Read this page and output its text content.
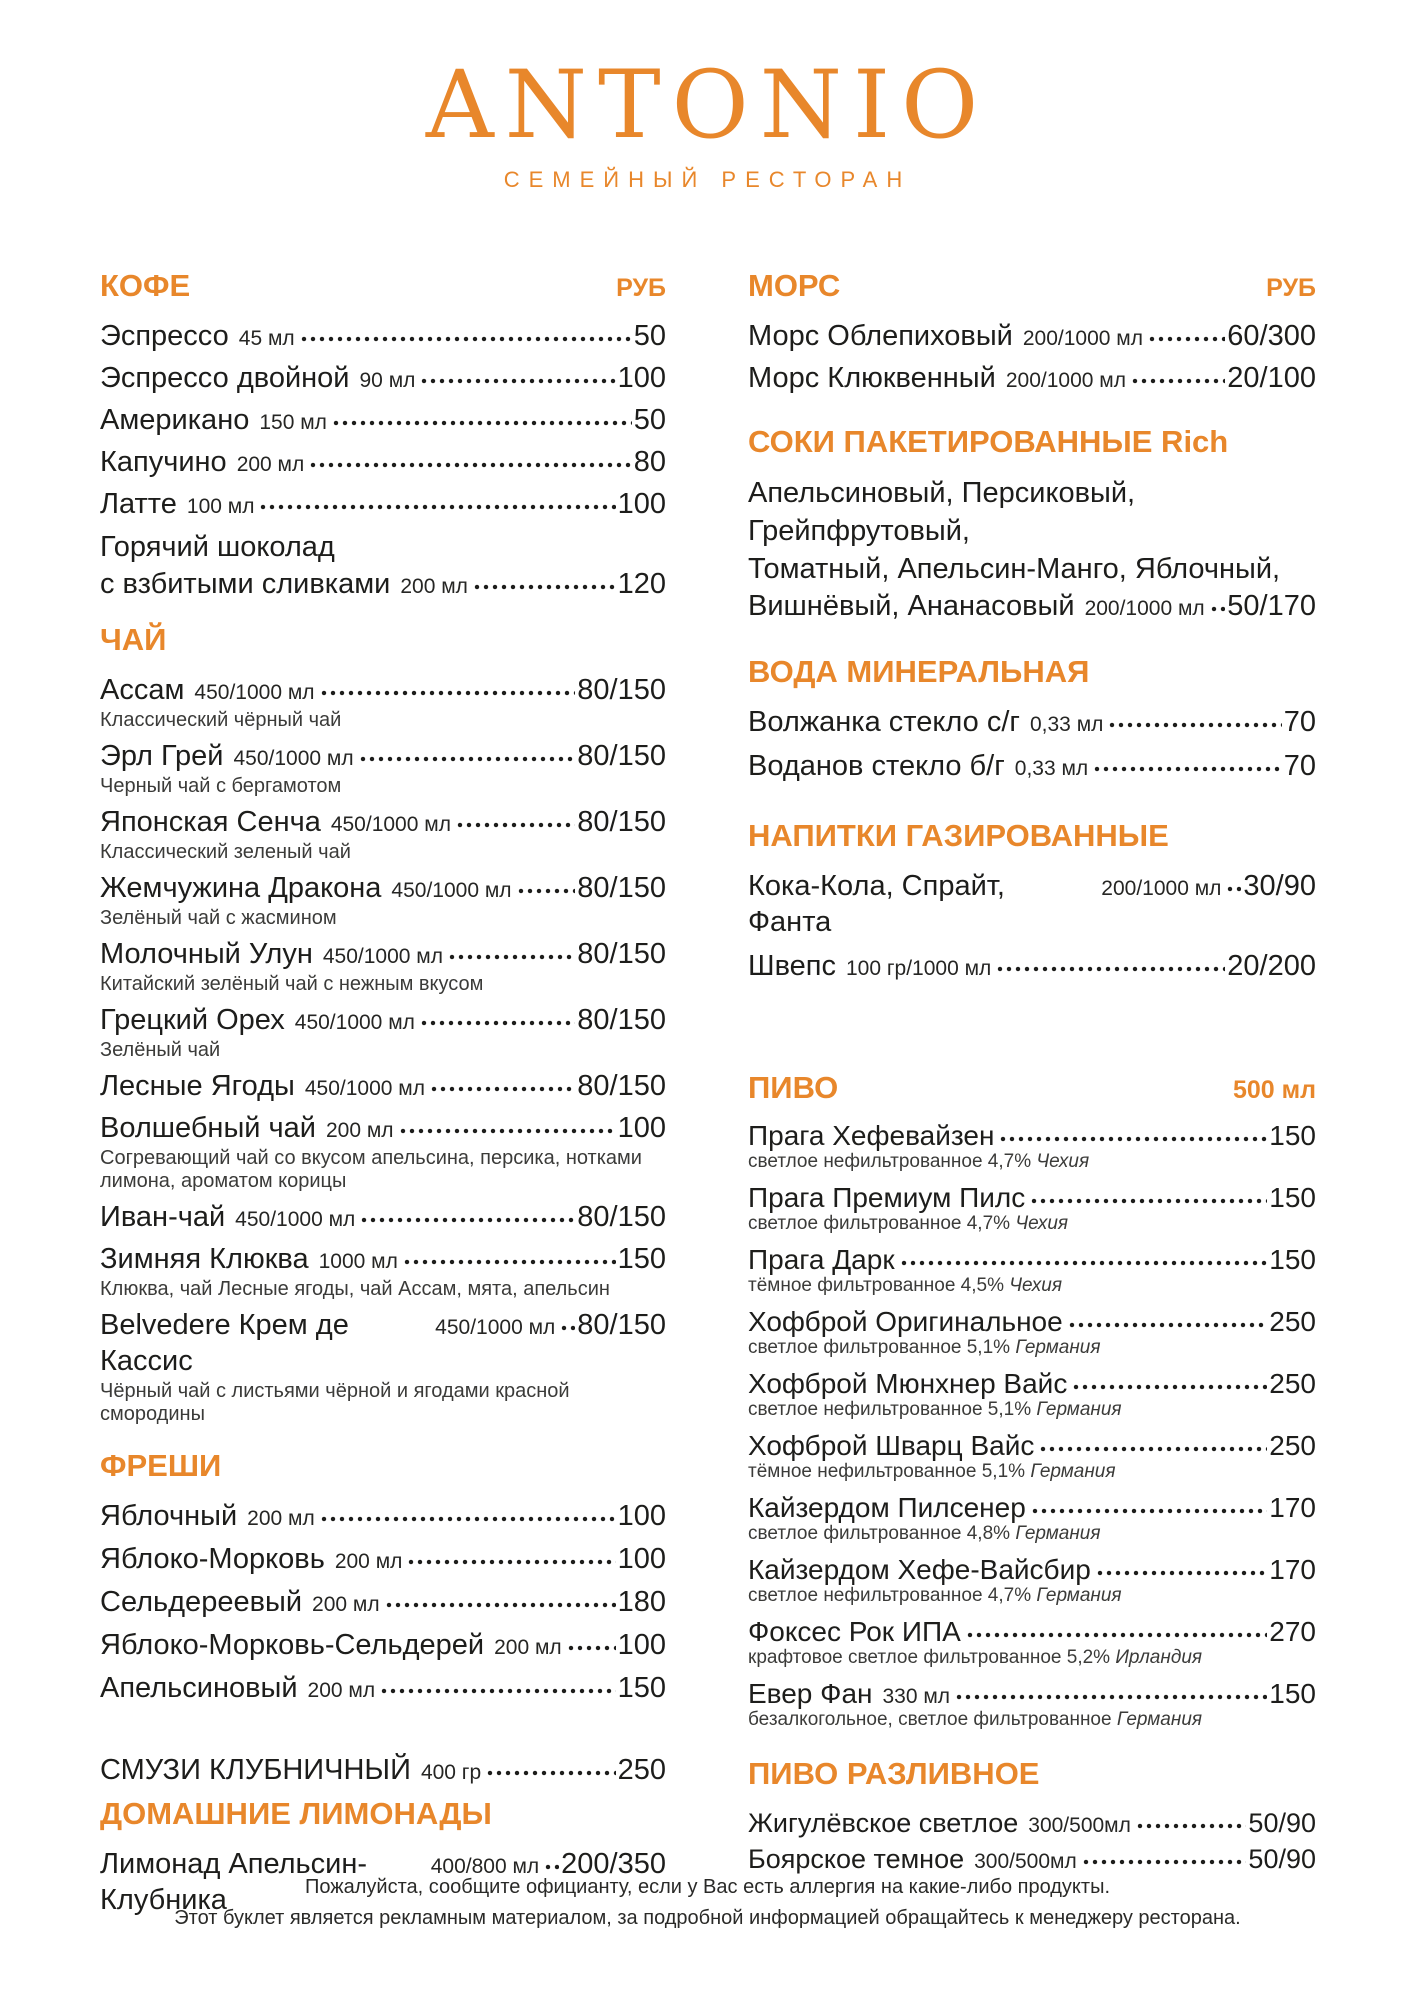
ANTONIO
СЕМЕЙНЫЙ РЕСТОРАН
КОФЕ	РУБ
Эспрессо 45 мл	50
Эспрессо двойной 90 мл	100
Американо 150 мл	50
Капучино 200 мл	80
Латте 100 мл	100
Горячий шоколад
с взбитыми сливками 200 мл	120
ЧАЙ
Ассам 450/1000 мл	80/150
Классический чёрный чай
Эрл Грей 450/1000 мл	80/150
Черный чай с бергамотом
Японская Сенча 450/1000 мл	80/150
Классический зеленый чай
Жемчужина Дракона 450/1000 мл 80/150
Зелёный чай с жасмином
Молочный Улун 450/1000 мл	80/150
Китайский зелёный чай с нежным вкусом
Грецкий Орех 450/1000 мл	80/150
Зелёный чай
Лесные Ягоды 450/1000 мл	80/150
Волшебный чай 200 мл	100
Согревающий чай со вкусом апельсина, персика, нотками лимона, ароматом корицы
Иван-чай 450/1000 мл	80/150
Зимняя Клюква 1000 мл	150
Клюква, чай Лесные ягоды, чай Ассам, мята, апельсин
Belvedere Крем де Кассис
450/1000 мл 80/150
Чёрный чай с листьями чёрной и ягодами красной смородины
ФРЕШИ
Яблочный 200 мл	100
Яблоко-Морковь 200 мл	100
Сельдереевый 200 мл	180
Яблоко-Морковь-Сельдерей 200 мл 100
Апельсиновый 200 мл	150
СМУЗИ КЛУБНИЧНЫЙ 400 гр	250
ДОМАШНИЕ ЛИМОНАДЫ
Лимонад Апельсин-Клубника
400/800 мл 200/350
МОРС	РУБ
Морс Облепиховый 200/1000 мл	60/300
Морс Клюквенный 200/1000 мл	20/100
СОКИ ПАКЕТИРОВАННЫЕ Rich
Апельсиновый, Персиковый, Грейпфрутовый,
Томатный, Апельсин-Манго, Яблочный,
Вишнёвый, Ананасовый 200/1000 мл 50/170
ВОДА МИНЕРАЛЬНАЯ
Волжанка стекло с/г 0,33 мл	70
Воданов стекло б/г 0,33 мл	70
НАПИТКИ ГАЗИРОВАННЫЕ
Кока-Кола, Спрайт, Фанта
200/1000 мл 30/90
Швепс 100 гр/1000 мл	20/200
ПИВО	500 мл
Прага Хефевайзен	150
светлое нефильтрованное 4,7% Чехия
Прага Премиум Пилс	150
светлое фильтрованное 4,7% Чехия
Прага Дарк	150
тёмное фильтрованное 4,5% Чехия
Хофброй Оригинальное	250
светлое фильтрованное 5,1% Германия
Хофброй Мюнхнер Вайс	250
светлое нефильтрованное 5,1% Германия
Хофброй Шварц Вайс	250
тёмное нефильтрованное 5,1% Германия
Кайзердом Пилсенер	170
светлое фильтрованное 4,8% Германия
Кайзердом Хефе-Вайсбир	170
светлое нефильтрованное 4,7% Германия
Фоксес Рок ИПА	270
крафтовое светлое фильтрованное 5,2% Ирландия
Евер Фан 330 мл	150
безалкогольное, светлое фильтрованное Германия
ПИВО РАЗЛИВНОЕ
Жигулёвское светлое 300/500мл	50/90
Боярское темное 300/500мл	50/90
Пожалуйста, сообщите официанту, если у Вас есть аллергия на какие-либо продукты.
Этот буклет является рекламным материалом, за подробной информацией обращайтесь к менеджеру ресторана.
